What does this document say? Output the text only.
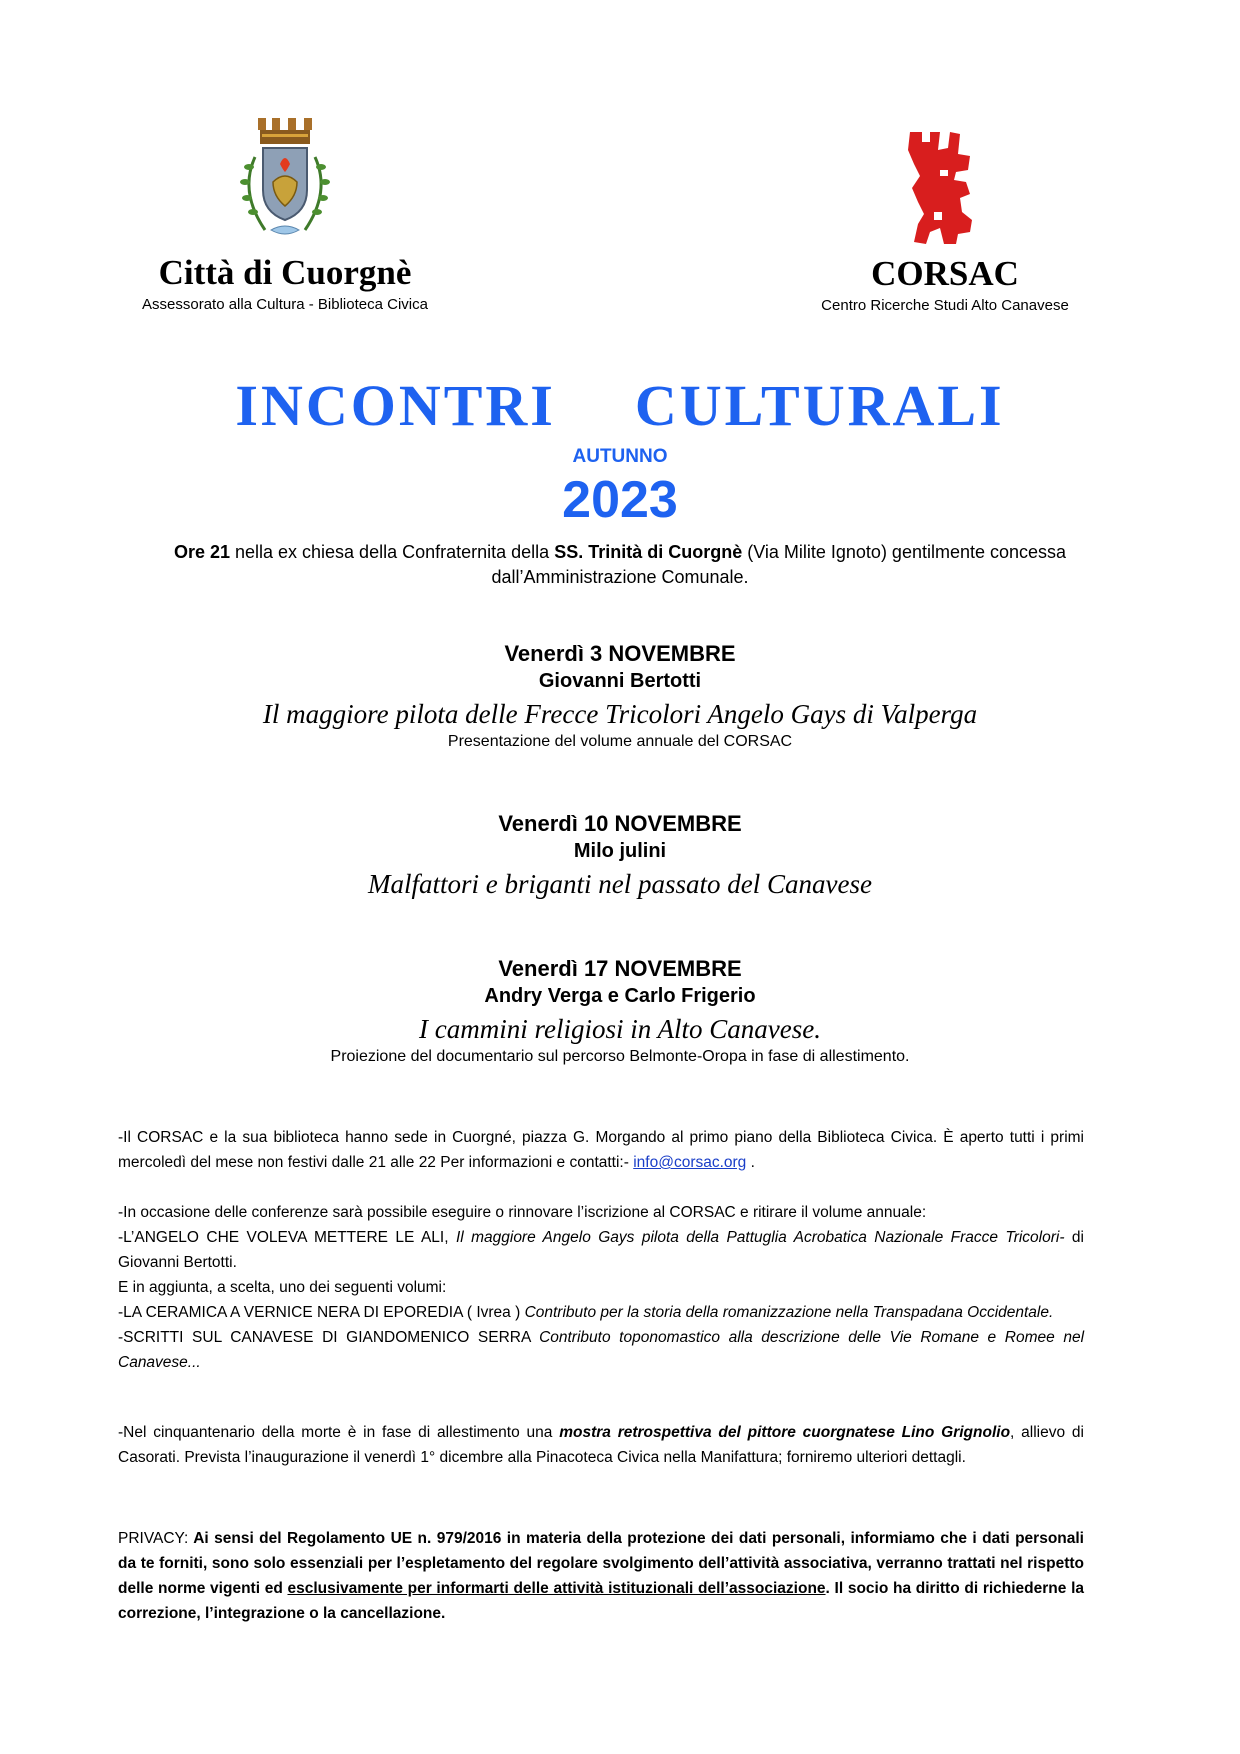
Città di Cuorgnè
Assessorato alla Cultura - Biblioteca Civica
CORSAC
Centro Ricerche Studi Alto Canavese
INCONTRI  CULTURALI
AUTUNNO
2023
Ore 21 nella ex chiesa della Confraternita della SS. Trinità di Cuorgnè (Via Milite Ignoto) gentilmente concessa dall’Amministrazione Comunale.
Venerdì 3 NOVEMBRE
Giovanni Bertotti
Il maggiore pilota delle Frecce Tricolori Angelo Gays di Valperga
Presentazione del volume annuale del CORSAC
Venerdì 10 NOVEMBRE
Milo julini
Malfattori e briganti nel passato del Canavese
Venerdì 17 NOVEMBRE
Andry Verga e Carlo Frigerio
I cammini religiosi in Alto Canavese.
Proiezione del documentario sul percorso Belmonte-Oropa in fase di allestimento.

-Il CORSAC e la sua biblioteca hanno sede in Cuorgné, piazza G. Morgando al primo piano della Biblioteca Civica. È aperto tutti i primi mercoledì del mese non festivi dalle 21 alle 22 Per informazioni e contatti:- info@corsac.org .

-In occasione delle conferenze sarà possibile eseguire o rinnovare l’iscrizione al CORSAC e ritirare il volume annuale:

-L’ANGELO CHE VOLEVA METTERE LE ALI, Il maggiore Angelo Gays pilota della Pattuglia Acrobatica Nazionale Fracce Tricolori- di Giovanni Bertotti.

E in aggiunta, a scelta, uno dei seguenti volumi:

-LA CERAMICA A VERNICE NERA DI EPOREDIA ( Ivrea ) Contributo per la storia della romanizzazione nella Transpadana Occidentale.

-SCRITTI SUL CANAVESE DI GIANDOMENICO SERRA Contributo toponomastico alla descrizione delle Vie Romane e Romee nel Canavese...

-Nel cinquantenario della morte è in fase di allestimento una mostra retrospettiva del pittore cuorgnatese Lino Grignolio, allievo di Casorati. Prevista l’inaugurazione il venerdì 1° dicembre alla Pinacoteca Civica nella Manifattura; forniremo ulteriori dettagli.

PRIVACY: Ai sensi del Regolamento UE n. 979/2016 in materia della protezione dei dati personali, informiamo che i dati personali da te forniti, sono solo essenziali per l’espletamento del regolare svolgimento dell’attività associativa, verranno trattati nel rispetto delle norme vigenti ed esclusivamente per informarti delle attività istituzionali dell’associazione. Il socio ha diritto di richiederne la correzione, l’integrazione o la cancellazione.
